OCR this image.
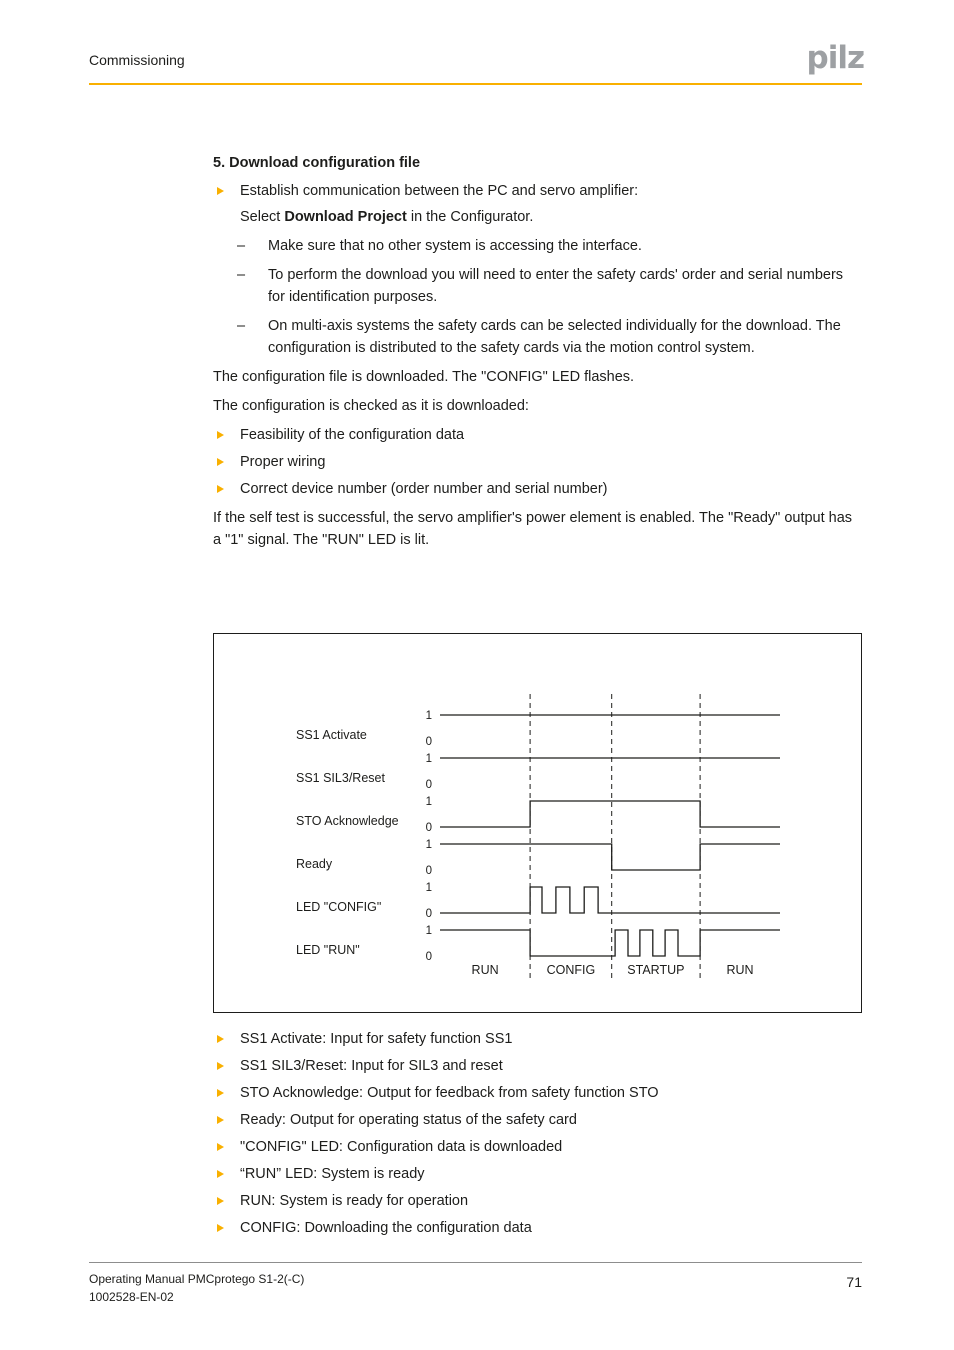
Commissioning	pilz
5. Download configuration file

Establish communication between the PC and servo amplifier:

Select Download Project in the Configurator.

– Make sure that no other system is accessing the interface.

– To perform the download you will need to enter the safety cards' order and serial numbers for identification purposes.

– On multi-axis systems the safety cards can be selected individually for the download. The configuration is distributed to the safety cards via the motion control system.

The configuration file is downloaded. The "CONFIG" LED flashes.

The configuration is checked as it is downloaded:

Feasibility of the configuration data

Proper wiring

Correct device number (order number and serial number)

If the self test is successful, the servo amplifier's power element is enabled. The "Ready" output has a "1" signal. The "RUN" LED is lit.

RUN	CONFIG	STARTUP	RUN
SS1 Activate
1
0
SS1 SIL3/Reset
1
0
STO Acknowledge
1
0
Ready
1
0
LED "CONFIG"
1
0
LED "RUN"
1
0

SS1 Activate: Input for safety function SS1

SS1 SIL3/Reset: Input for SIL3 and reset

STO Acknowledge: Output for feedback from safety function STO

Ready: Output for operating status of the safety card

"CONFIG" LED: Configuration data is downloaded

“RUN” LED: System is ready

RUN: System is ready for operation

CONFIG: Downloading the configuration data

Operating Manual PMCprotego S1-2(-C)
1002528-EN-02
71
